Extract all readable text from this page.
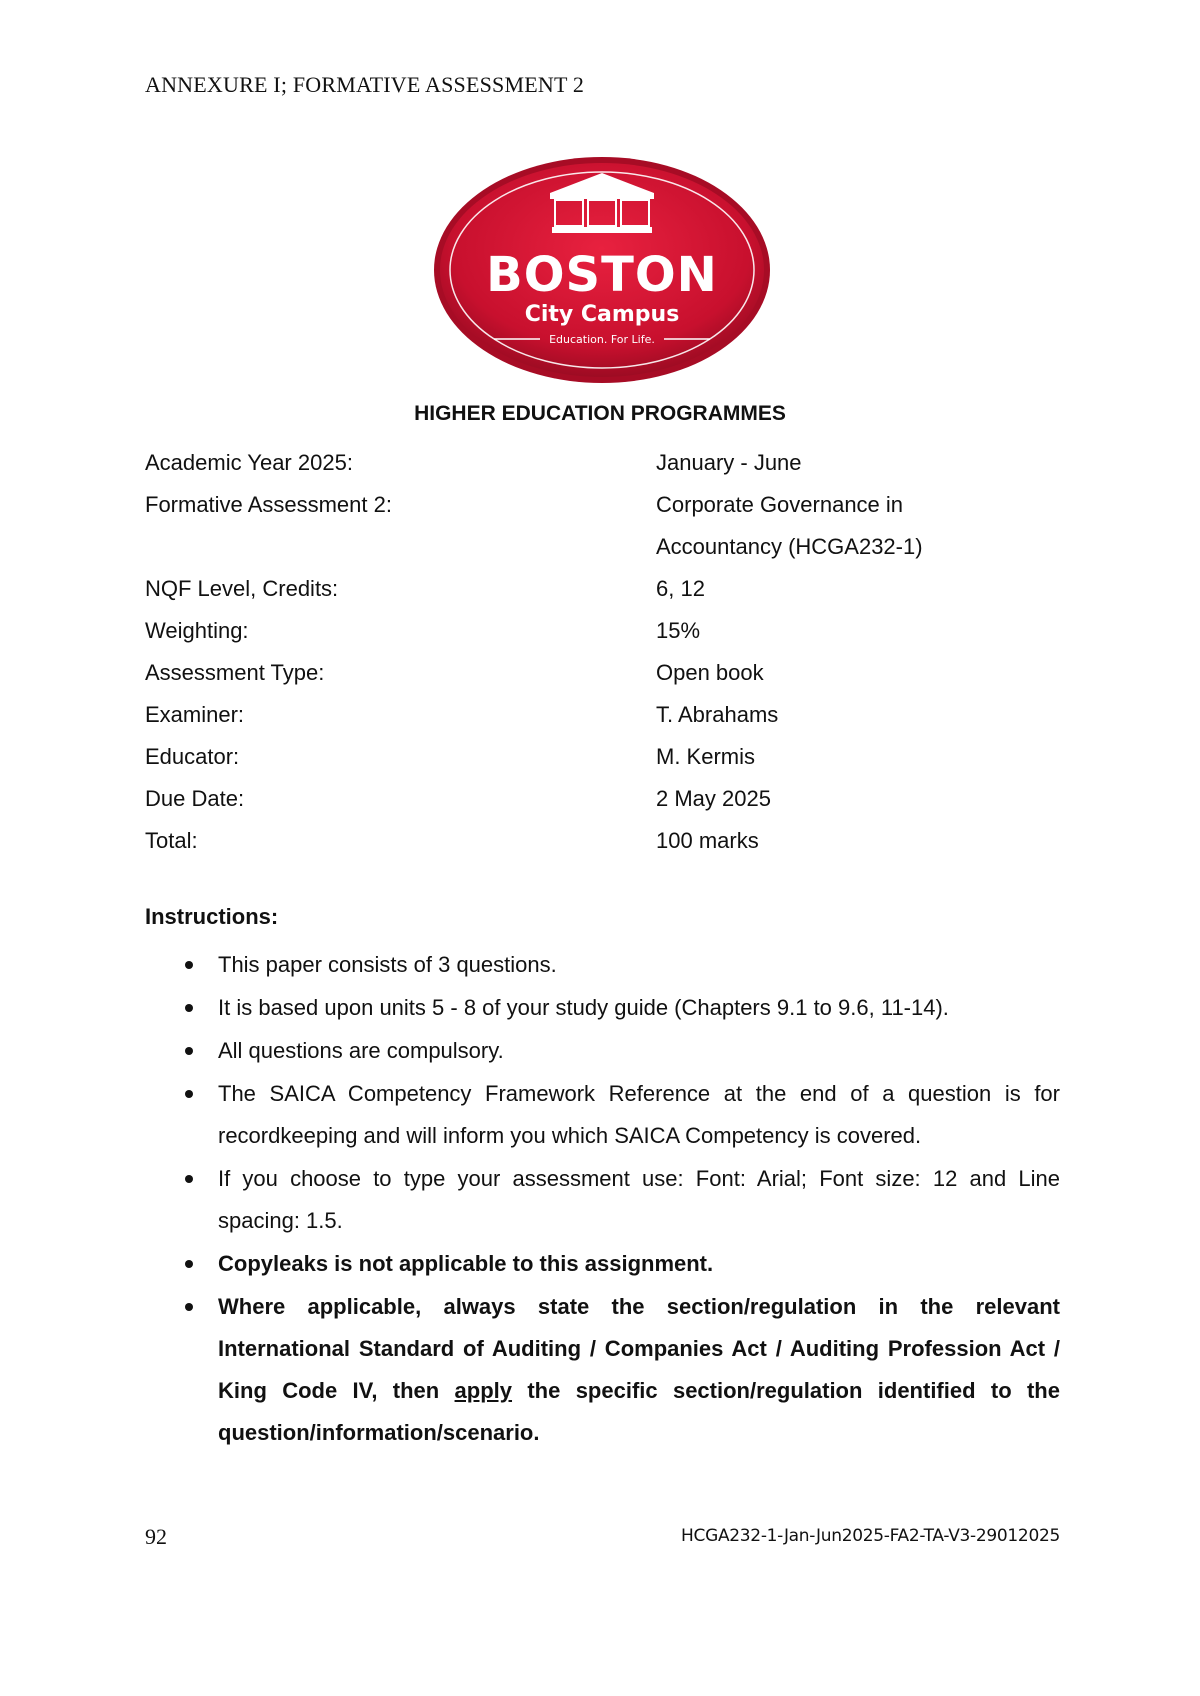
ANNEXURE I; FORMATIVE ASSESSMENT 2
BOSTON
City Campus
Education. For Life.
HIGHER EDUCATION PROGRAMMES
Academic Year 2025:	January - June
Formative Assessment 2:	Corporate Governance in
Accountancy (HCGA232-1)
NQF Level, Credits:	6, 12
Weighting:	15%
Assessment Type:	Open book
Examiner:	T. Abrahams
Educator:	M. Kermis
Due Date:	2 May 2025
Total:	100 marks
Instructions:
This paper consists of 3 questions.
It is based upon units 5 - 8 of your study guide (Chapters 9.1 to 9.6, 11-14).
All questions are compulsory.
The SAICA Competency Framework Reference at the end of a question is for recordkeeping and will inform you which SAICA Competency is covered.
If you choose to type your assessment use: Font: Arial; Font size: 12 and Line spacing: 1.5.
Copyleaks is not applicable to this assignment.
Where applicable, always state the section/regulation in the relevant International Standard of Auditing / Companies Act / Auditing Profession Act / King Code IV, then apply the specific section/regulation identified to the question/information/scenario.
92	HCGA232-1-Jan-Jun2025-FA2-TA-V3-29012025
